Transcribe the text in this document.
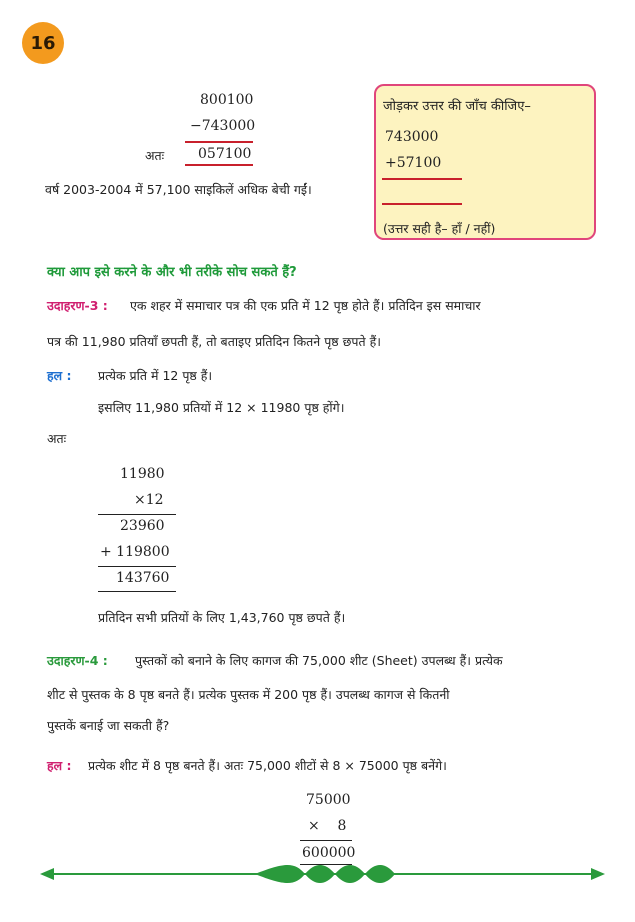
16
800100
−743000
अतः 057100
वर्ष 2003-2004 में 57,100 साइकिलें अधिक बेची गईं।
जोड़कर उत्तर की जाँच कीजिए–
743000
+57100
(उत्तर सही है– हाँ / नहीं)
क्या आप इसे करने के और भी तरीके सोच सकते हैं?
उदाहरण-3 : एक शहर में समाचार पत्र की एक प्रति में 12 पृष्ठ होते हैं। प्रतिदिन इस समाचार
पत्र की 11,980 प्रतियाँ छपती हैं, तो बताइए प्रतिदिन कितने पृष्ठ छपते हैं।
हल : प्रत्येक प्रति में 12 पृष्ठ हैं।
इसलिए 11,980 प्रतियों में 12 × 11980 पृष्ठ होंगे।
अतः
11980
×12
23960
+ 119800
143760
प्रतिदिन सभी प्रतियों के लिए 1,43,760 पृष्ठ छपते हैं।
उदाहरण-4 : पुस्तकों को बनाने के लिए कागज की 75,000 शीट (Sheet) उपलब्ध हैं। प्रत्येक
शीट से पुस्तक के 8 पृष्ठ बनते हैं। प्रत्येक पुस्तक में 200 पृष्ठ हैं। उपलब्ध कागज से कितनी
पुस्तकें बनाई जा सकती हैं?
हल : प्रत्येक शीट में 8 पृष्ठ बनते हैं। अतः 75,000 शीटों से 8 × 75000 पृष्ठ बनेंगे।
75000
×    8
600000
